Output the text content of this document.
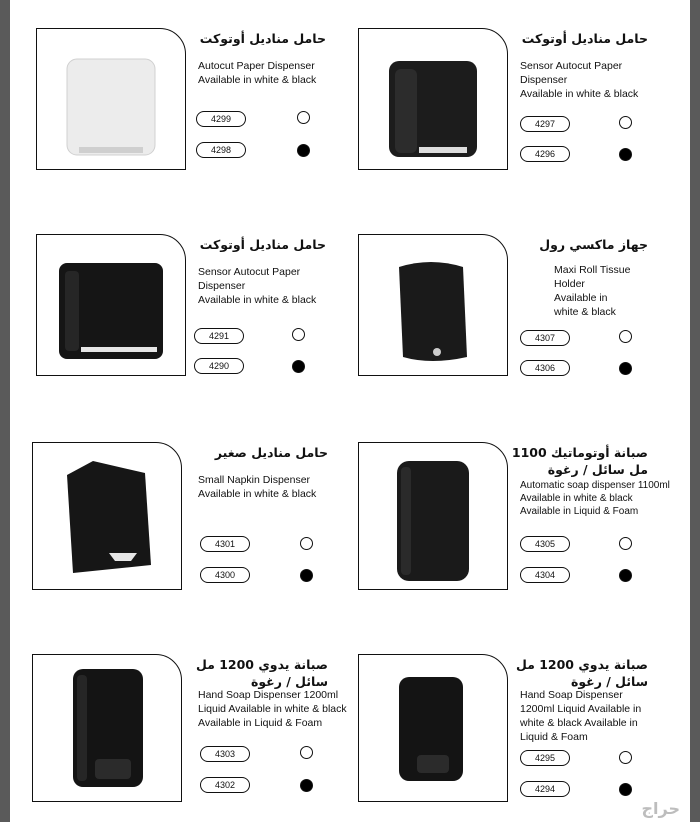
حامل مناديل أوتوكت
Sensor Autocut Paper
Dispenser
Available in white & black
4297
4296
حامل مناديل أوتوكت
Autocut Paper Dispenser
Available in white & black
4299
4298
جهاز ماكسي رول
Maxi Roll Tissue
Holder
Available in
white & black
4307
4306
حامل مناديل أوتوكت
Sensor Autocut Paper
Dispenser
Available in white & black
4291
4290
صبانة أوتوماتيك 1100
مل سائل / رغوة
Automatic soap dispenser 1100ml
Available in white & black
Available in Liquid & Foam
4305
4304
حامل مناديل صغير
Small Napkin Dispenser
Available in white & black
4301
4300
صبانة يدوي 1200 مل
سائل / رغوة
Hand Soap Dispenser
1200ml Liquid Available in
white & black Available in
Liquid & Foam
4295
4294
صبانة يدوي 1200 مل
سائل / رغوة
Hand Soap Dispenser 1200ml
Liquid Available in white & black
Available in Liquid & Foam
4303
4302
حراج
